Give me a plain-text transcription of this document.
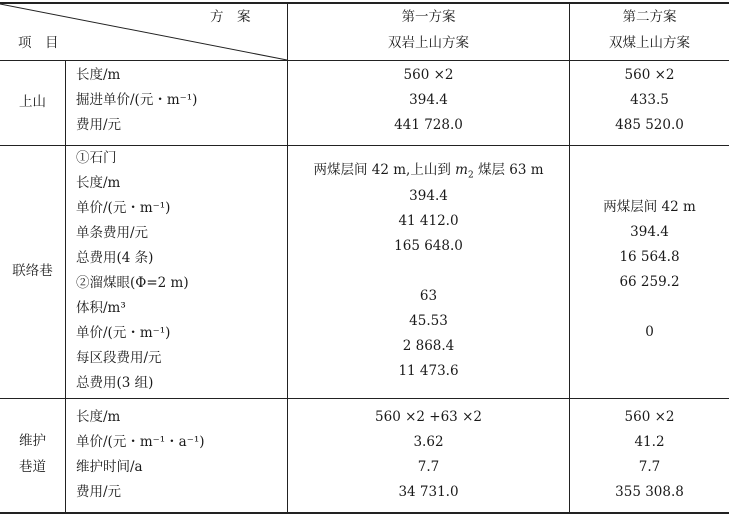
方　案
项　目
第一方案
双岩上山方案
第二方案
双煤上山方案
上山
长度/m
掘进单价/(元・m⁻¹)
费用/元
560 ×2
394.4
441 728.0
560 ×2
433.5
485 520.0
联络巷
①石门
长度/m
单价/(元・m⁻¹)
单条费用/元
总费用(4 条)
②溜煤眼(Φ=2 m)
体积/m³
单价/(元・m⁻¹)
每区段费用/元
总费用(3 组)
两煤层间 42 m,上山到 $m_2$ 煤层 63 m
394.4
41 412.0
165 648.0
63
45.53
2 868.4
11 473.6
两煤层间 42 m
394.4
16 564.8
66 259.2
0
维护
巷道
长度/m
单价/(元・m⁻¹・a⁻¹)
维护时间/a
费用/元
560 ×2 +63 ×2
3.62
7.7
34 731.0
560 ×2
41.2
7.7
355 308.8
